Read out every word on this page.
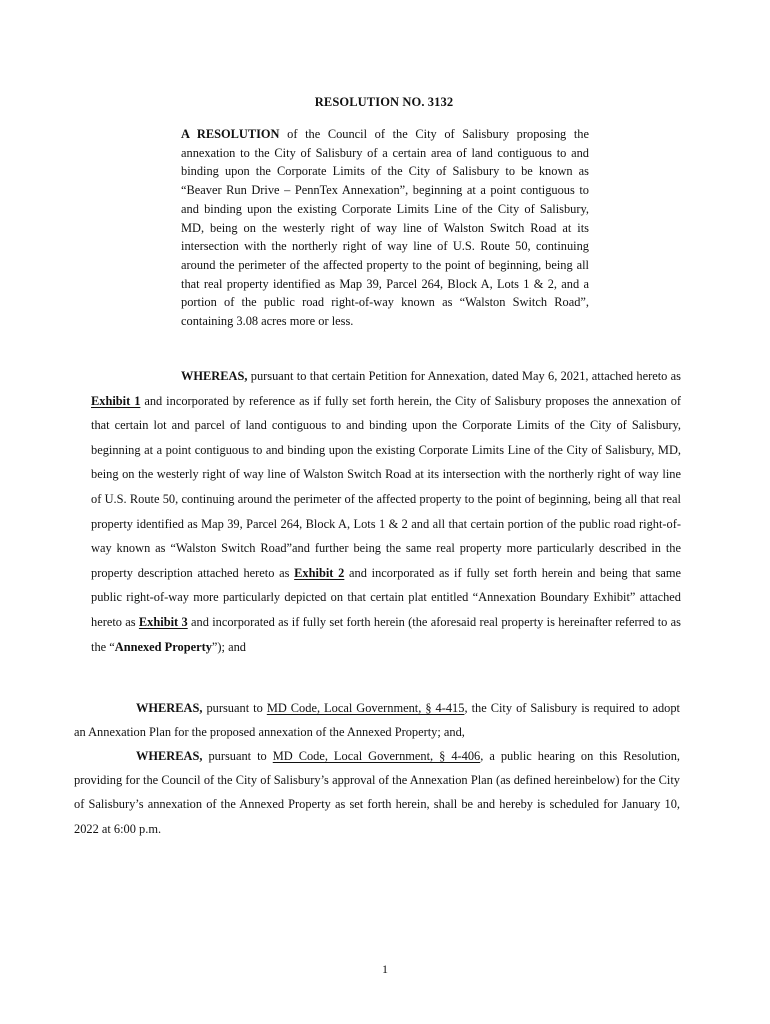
RESOLUTION NO. 3132
A RESOLUTION of the Council of the City of Salisbury proposing the annexation to the City of Salisbury of a certain area of land contiguous to and binding upon the Corporate Limits of the City of Salisbury to be known as “Beaver Run Drive – PennTex Annexation”, beginning at a point contiguous to and binding upon the existing Corporate Limits Line of the City of Salisbury, MD, being on the westerly right of way line of Walston Switch Road at its intersection with the northerly right of way line of U.S. Route 50, continuing around the perimeter of the affected property to the point of beginning, being all that real property identified as Map 39, Parcel 264, Block A, Lots 1 & 2, and a portion of the public road right-of-way known as “Walston Switch Road”, containing 3.08 acres more or less.
WHEREAS, pursuant to that certain Petition for Annexation, dated May 6, 2021, attached hereto as Exhibit 1 and incorporated by reference as if fully set forth herein, the City of Salisbury proposes the annexation of that certain lot and parcel of land contiguous to and binding upon the Corporate Limits of the City of Salisbury, beginning at a point contiguous to and binding upon the existing Corporate Limits Line of the City of Salisbury, MD, being on the westerly right of way line of Walston Switch Road at its intersection with the northerly right of way line of U.S. Route 50, continuing around the perimeter of the affected property to the point of beginning, being all that real property identified as Map 39, Parcel 264, Block A, Lots 1 & 2 and all that certain portion of the public road right-of-way known as “Walston Switch Road”and further being the same real property more particularly described in the property description attached hereto as Exhibit 2 and incorporated as if fully set forth herein and being that same public right-of-way more particularly depicted on that certain plat entitled “Annexation Boundary Exhibit” attached hereto as Exhibit 3 and incorporated as if fully set forth herein (the aforesaid real property is hereinafter referred to as the “Annexed Property”); and
WHEREAS, pursuant to MD Code, Local Government, § 4-415, the City of Salisbury is required to adopt an Annexation Plan for the proposed annexation of the Annexed Property; and,
WHEREAS, pursuant to MD Code, Local Government, § 4-406, a public hearing on this Resolution, providing for the Council of the City of Salisbury’s approval of the Annexation Plan (as defined hereinbelow) for the City of Salisbury’s annexation of the Annexed Property as set forth herein, shall be and hereby is scheduled for January 10, 2022 at 6:00 p.m.
1
